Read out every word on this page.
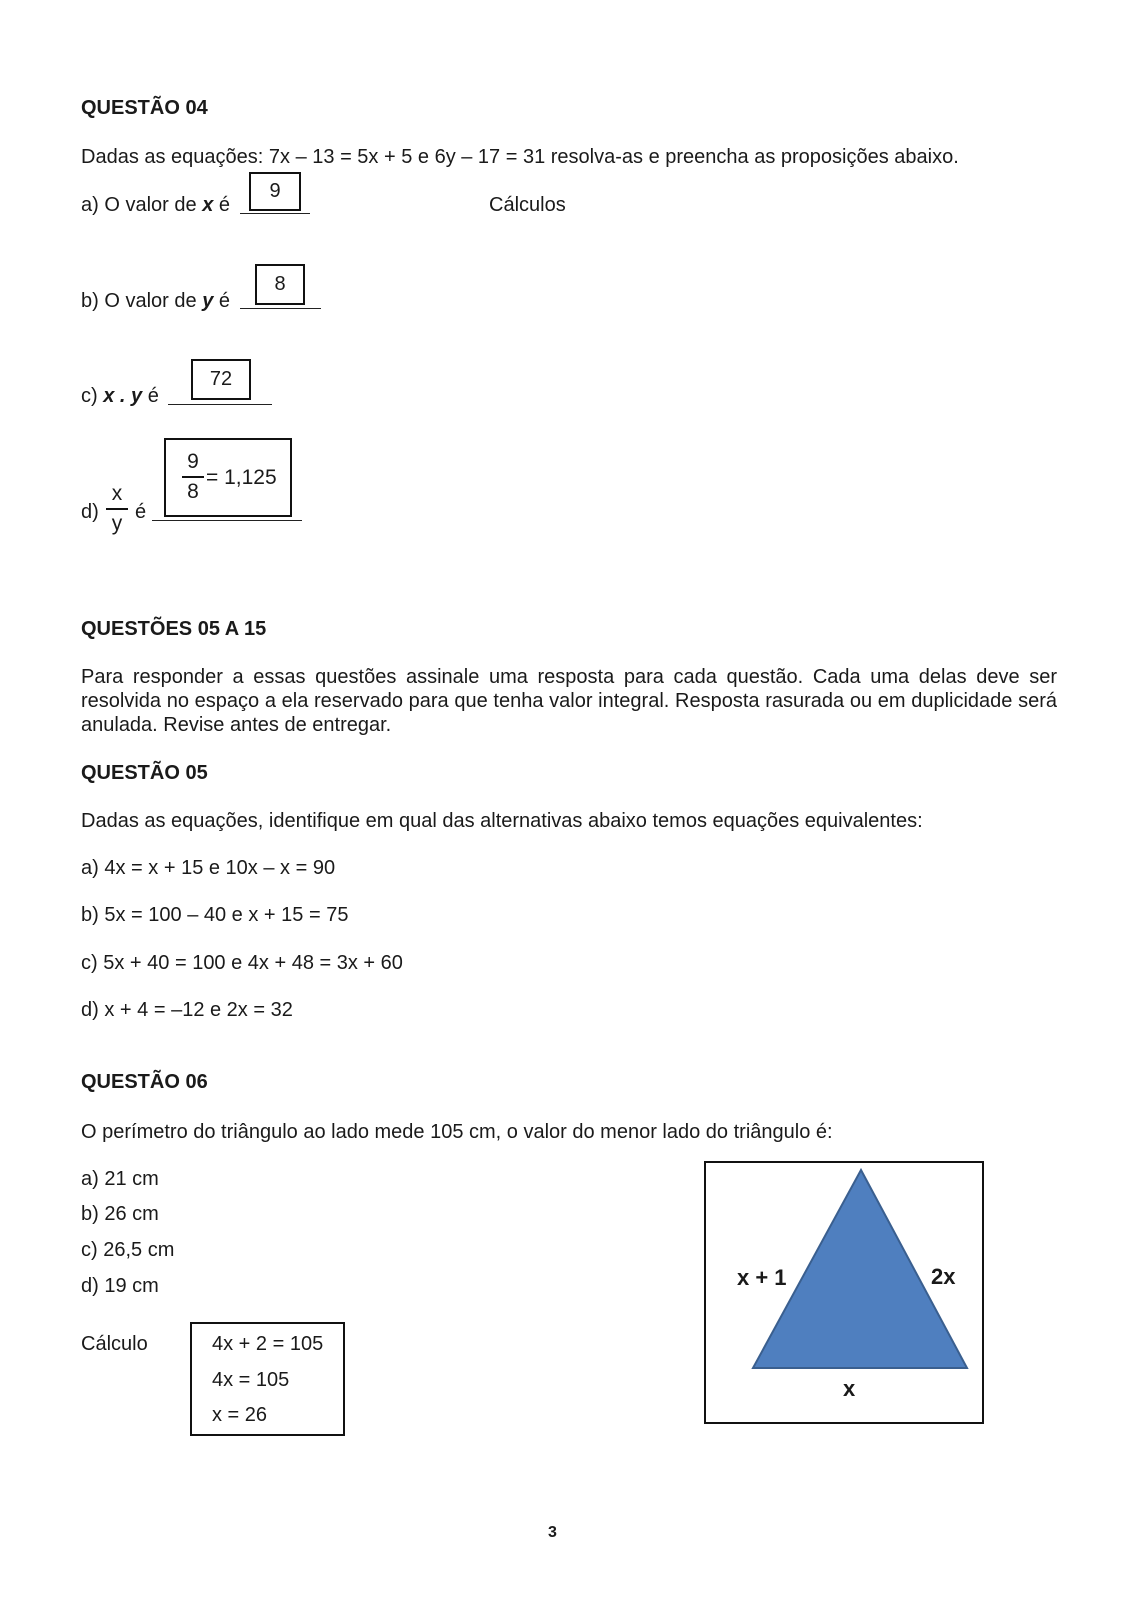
QUESTÃO 04
Dadas as equações: 7x – 13 = 5x + 5 e 6y – 17 = 31 resolva-as e preencha as proposições abaixo.
a) O valor de x é
9
Cálculos
b) O valor de y é
8
c) x . y é
72
d)
x
y é
9
8
= 1,125
QUESTÕES 05 A 15
Para responder a essas questões assinale uma resposta para cada questão. Cada uma delas deve ser resolvida no espaço a ela reservado para que tenha valor integral. Resposta rasurada ou em duplicidade será anulada. Revise antes de entregar.
QUESTÃO 05
Dadas as equações, identifique em qual das alternativas abaixo temos equações equivalentes:
a) 4x = x + 15 e 10x – x = 90
b) 5x = 100 – 40 e x + 15 = 75
c) 5x + 40 = 100 e 4x + 48 = 3x + 60
d) x + 4 = –12 e 2x = 32
QUESTÃO 06
O perímetro do triângulo ao lado mede 105 cm, o valor do menor lado do triângulo é:
a) 21 cm
b) 26 cm
c) 26,5 cm
d) 19 cm
Cálculo	4x + 2 = 105
4x = 105
x = 26
x + 1	2x
x
3
